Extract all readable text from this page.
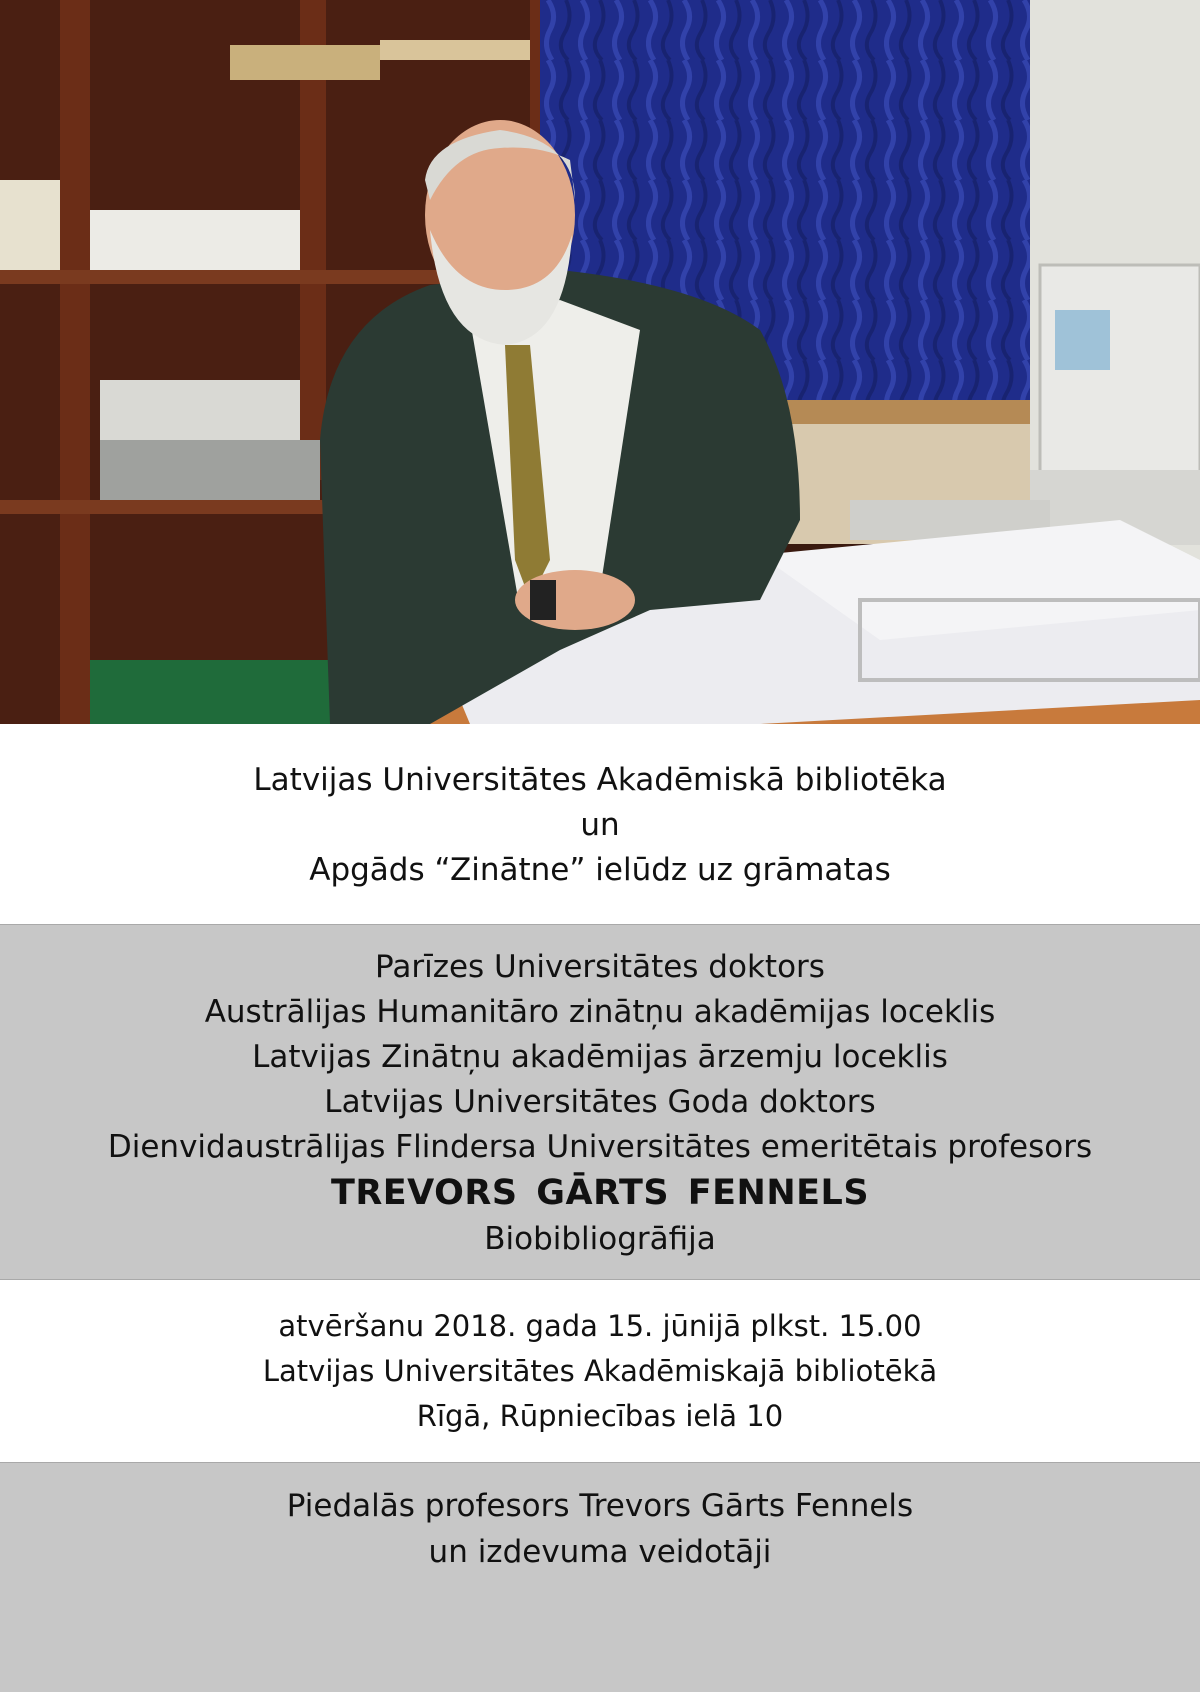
Latvijas Universitātes Akadēmiskā bibliotēka
un
Apgāds “Zinātne” ielūdz uz grāmatas
Parīzes Universitātes doktors
Austrālijas Humanitāro zinātņu akadēmijas loceklis
Latvijas Zinātņu akadēmijas ārzemju loceklis
Latvijas Universitātes Goda doktors
Dienvidaustrālijas Flindersa Universitātes emeritētais profesors
TREVORS GĀRTS FENNELS
Biobibliogrāfija
atvēršanu 2018. gada 15. jūnijā plkst. 15.00
Latvijas Universitātes Akadēmiskajā bibliotēkā
Rīgā, Rūpniecības ielā 10
Piedalās profesors Trevors Gārts Fennels
un izdevuma veidotāji
